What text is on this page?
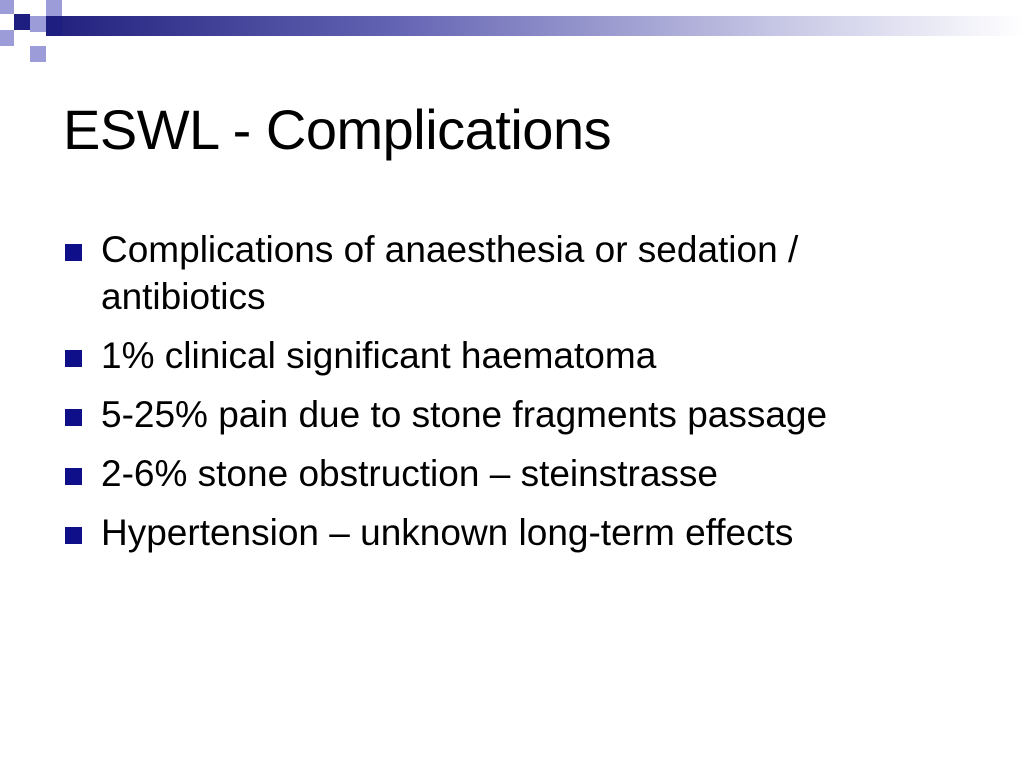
ESWL - Complications
Complications of anaesthesia or sedation / antibiotics
1% clinical significant haematoma
5-25% pain due to stone fragments passage
2-6% stone obstruction – steinstrasse
Hypertension – unknown long-term effects
